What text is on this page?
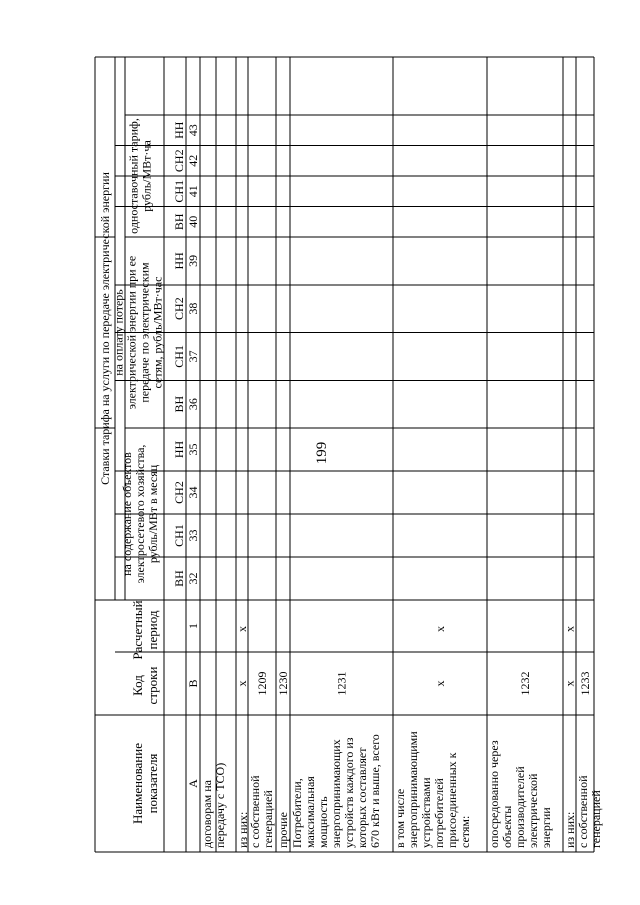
199
Ставки тарифа на услуги по передаче электрической энергии
на содержание объектов электросетевого хозяйства, рубль/МВт в месяц
на оплату потерь электрической энергии при ее передаче по электрическим сетям, рубль/МВт·час
одноставочный тариф, рубль/МВт·ча
ВН 40
СН1 41
СН2 42
НН 43
ВН 36
СН1 37
СН2 38
НН 39
ВН 32
СН1 33
СН2 34
НН 35
Наименование показателя
Код строки
Расчетный период
А
В
1
договорам на передачу с ТСО) из них:
х
х
с собственной генерацией
1209
прочие
1230
Потребители, максимальная мощность энергопринимающих устройств каждого из которых составляет 670 кВт и выше, всего
1231
в том числе энергопринимающими устройствами потребителей присоединенных к сетям:
х
х
опосредованно через объекты производителей электрической энергии
1232
из них:
х
х
с собственной генерацией
1233
